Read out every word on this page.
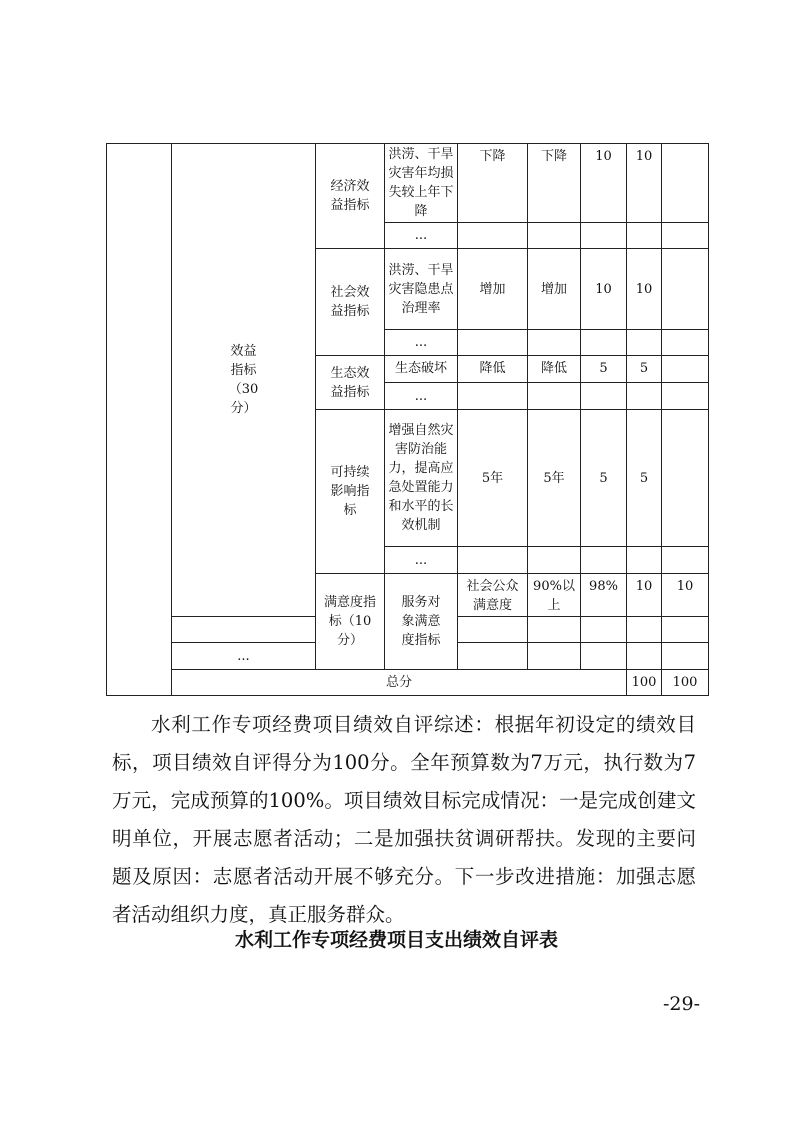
	效益指标（30分）	经济效益指标	洪涝、干旱灾害年均损失较上年下降	下降	下降	10	10		
			...						
		社会效益指标	洪涝、干旱灾害隐患点治理率	增加	增加	10	10		
			...						
		生态效益指标	生态破坏	降低	降低	5	5		
			...						
		可持续影响指标	增强自然灾害防治能力，提高应急处置能力和水平的长效机制	5年	5年	5	5		
			...						
		满意度指标（10分）	服务对象满意度指标	社会公众满意度	90%以上	98%	10	10	

	...								
	总分						100	100	

水利工作专项经费项目绩效自评综述：根据年初设定的绩效目标，项目绩效自评得分为100分。全年预算数为7万元，执行数为7万元，完成预算的100%。项目绩效目标完成情况：一是完成创建文明单位，开展志愿者活动；二是加强扶贫调研帮扶。发现的主要问题及原因：志愿者活动开展不够充分。下一步改进措施：加强志愿者活动组织力度，真正服务群众。

水利工作专项经费项目支出绩效自评表
-29-
